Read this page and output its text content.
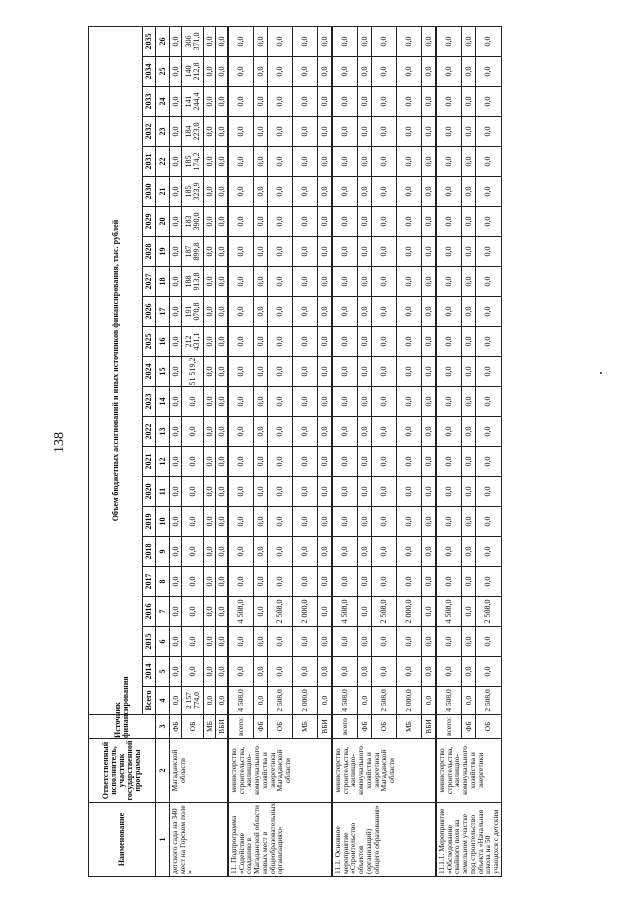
138
Наименование	Ответственный исполнитель, участник государственной программы	Источник финансирования	Объем бюджетных ассигнований и иных источников финансирования, тыс. рублей																						
			Всего	2014	2015	2016	2017	2018	2019	2020	2021	2022	2023	2024	2025	2026	2027	2028	2029	2030	2031	2032	2033	2034	2035
1	2	3	4	5	6	7	8	9	10	11	12	13	14	15	16	17	18	19	20	21	22	23	24	25	26
детского сада на 340 мест на Горском поле »	Магаданской области	ФБ	0,0	0,0	0,0	0,0	0,0	0,0	0,0	0,0	0,0	0,0	0,0	0,0	0,0	0,0	0,0	0,0	0,0	0,0	0,0	0,0	0,0	0,0	0,0
		ОБ	2 157 774,0	0,0	0,0	0,0	0,0	0,0	0,0	0,0	0,0	0,0	0,0	51 519,2	212 431,1	191 070,8	188 913,8	187 899,8	183 390,0	185 323,9	185 174,2	184 223,0	141 244,4	140 212,8	306 371,0
		МБ	0,0	0,0	0,0	0,0	0,0	0,0	0,0	0,0	0,0	0,0	0,0	0,0	0,0	0,0	0,0	0,0	0,0	0,0	0,0	0,0	0,0	0,0	0,0
		ВБИ	0,0	0,0	0,0	0,0	0,0	0,0	0,0	0,0	0,0	0,0	0,0	0,0	0,0	0,0	0,0	0,0	0,0	0,0	0,0	0,0	0,0	0,0	0,0
11. Подпрограмма «Содействие созданию в Магаданской области новых мест в общеобразовательных организациях»	министерство строительства, жилищно-коммунального хозяйства и энергетики Магаданской области	всего:	4 508,0	0,0	0,0	4 508,0	0,0	0,0	0,0	0,0	0,0	0,0	0,0	0,0	0,0	0,0	0,0	0,0	0,0	0,0	0,0	0,0	0,0	0,0	0,0
		ФБ	0,0	0,0	0,0	0,0	0,0	0,0	0,0	0,0	0,0	0,0	0,0	0,0	0,0	0,0	0,0	0,0	0,0	0,0	0,0	0,0	0,0	0,0	0,0
		ОБ	2 508,0	0,0	0,0	2 508,0	0,0	0,0	0,0	0,0	0,0	0,0	0,0	0,0	0,0	0,0	0,0	0,0	0,0	0,0	0,0	0,0	0,0	0,0	0,0
		МБ	2 000,0	0,0	0,0	2 000,0	0,0	0,0	0,0	0,0	0,0	0,0	0,0	0,0	0,0	0,0	0,0	0,0	0,0	0,0	0,0	0,0	0,0	0,0	0,0
		ВБИ	0,0	0,0	0,0	0,0	0,0	0,0	0,0	0,0	0,0	0,0	0,0	0,0	0,0	0,0	0,0	0,0	0,0	0,0	0,0	0,0	0,0	0,0	0,0
11.1. Основное мероприятие «Строительство объектов (организаций) общего образования»	министерство строительства, жилищно-коммунального хозяйства и энергетики Магаданской области	всего	4 508,0	0,0	0,0	4 508,0	0,0	0,0	0,0	0,0	0,0	0,0	0,0	0,0	0,0	0,0	0,0	0,0	0,0	0,0	0,0	0,0	0,0	0,0	0,0
		ФБ	0,0	0,0	0,0	0,0	0,0	0,0	0,0	0,0	0,0	0,0	0,0	0,0	0,0	0,0	0,0	0,0	0,0	0,0	0,0	0,0	0,0	0,0	0,0
		ОБ	2 508,0	0,0	0,0	2 508,0	0,0	0,0	0,0	0,0	0,0	0,0	0,0	0,0	0,0	0,0	0,0	0,0	0,0	0,0	0,0	0,0	0,0	0,0	0,0
		МБ	2 000,0	0,0	0,0	2 000,0	0,0	0,0	0,0	0,0	0,0	0,0	0,0	0,0	0,0	0,0	0,0	0,0	0,0	0,0	0,0	0,0	0,0	0,0	0,0
		ВБИ	0,0	0,0	0,0	0,0	0,0	0,0	0,0	0,0	0,0	0,0	0,0	0,0	0,0	0,0	0,0	0,0	0,0	0,0	0,0	0,0	0,0	0,0	0,0
11.1.1. Мероприятие «Обследование свайного поля на земельном участке под строительство объекта «Начальная школа на 50 учащихся с детским	министерство строительства, жилищно-коммунального хозяйства и энергетики	всего:	4 508,0	0,0	0,0	4 508,0	0,0	0,0	0,0	0,0	0,0	0,0	0,0	0,0	0,0	0,0	0,0	0,0	0,0	0,0	0,0	0,0	0,0	0,0	0,0
		ФБ	0,0	0,0	0,0	0,0	0,0	0,0	0,0	0,0	0,0	0,0	0,0	0,0	0,0	0,0	0,0	0,0	0,0	0,0	0,0	0,0	0,0	0,0	0,0
		ОБ	2 508,0	0,0	0,0	2 508,0	0,0	0,0	0,0	0,0	0,0	0,0	0,0	0,0	0,0	0,0	0,0	0,0	0,0	0,0	0,0	0,0	0,0	0,0	0,0
